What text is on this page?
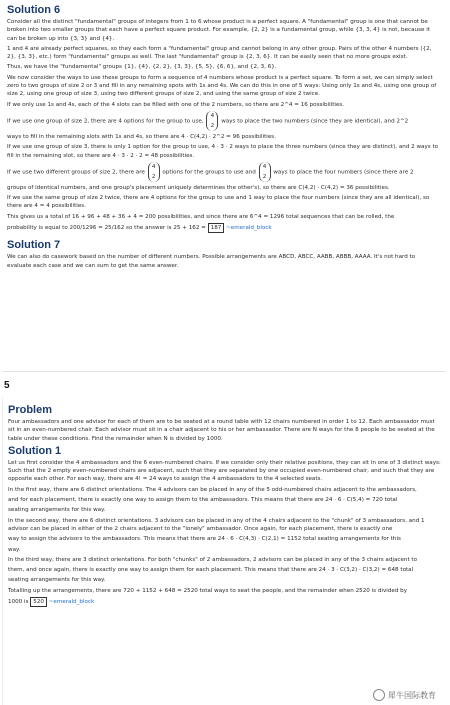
Solution 6

Consider all the distinct "fundamental" groups of integers from 1 to 6 whose product is a perfect square. A "fundamental" group is one that cannot be broken into two smaller groups that each have a perfect square product. For example, {2, 2} is a fundamental group, while {3, 3, 4} is not, because it can be broken up into {3, 3} and {4}.

1 and 4 are already perfect squares, so they each form a "fundamental" group and cannot belong in any other group. Pairs of the other 4 numbers ({2, 2}, {3, 3}, etc.) form "fundamental" groups as well. The last "fundamental" group is {2, 3, 6}. It can be easily seen that no more groups exist.

Thus, we have the "fundamental" groups {1}, {4}, {2, 2}, {3, 3}, {5, 5}, {6, 6}, and {2, 3, 6}.

We now consider the ways to use these groups to form a sequence of 4 numbers whose product is a perfect square. To form a set, we can simply select zero to two groups of size 2 or 3 and fill in any remaining spots with 1s and 4s. We can do this in one of 5 ways: Using only 1s and 4s, using one group of size 2, using one group of size 3, using two different groups of size 2, and using the same group of size 2 twice.

If we only use 1s and 4s, each of the 4 slots can be filled with one of the 2 numbers, so there are 2^4 = 16 possibilities.

If we use one group of size 2, there are 4 options for the group to use, 4
2 ways to place the two numbers (since they are identical), and 2^2

ways to fill in the remaining slots with 1s and 4s, so there are 4 · C(4,2) · 2^2 = 96 possibilities.

If we use one group of size 3, there is only 1 option for the group to use, 4 · 3 · 2 ways to place the three numbers (since they are distinct), and 2 ways to fill in the remaining slot, so there are 4 · 3 · 2 · 2 = 48 possibilities.

If we use two different groups of size 2, there are 4
2 options for the groups to use and 4
2 ways to place the four numbers (since there are 2

groups of identical numbers, and one group's placement uniquely determines the other's), so there are C(4,2) · C(4,2) = 36 possibilities.

If we use the same group of size 2 twice, there are 4 options for the group to use and 1 way to place the four numbers (since they are all identical), so there are 4 = 4 possibilities.

This gives us a total of 16 + 96 + 48 + 36 + 4 = 200 possibilities, and since there are 6^4 = 1296 total sequences that can be rolled, the

probability is equal to 200/1296 = 25/162 so the answer is 25 + 162 = 187 ~emerald_block

Solution 7

We can also do casework based on the number of different numbers. Possible arrangements are ABCD, ABCC, AABB, ABBB, AAAA. It's not hard to evaluate each case and we can sum to get the same answer.

5
Problem

Four ambassadors and one advisor for each of them are to be seated at a round table with 12 chairs numbered in order 1 to 12. Each ambassador must sit in an even-numbered chair. Each advisor must sit in a chair adjacent to his or her ambassador. There are N ways for the 8 people to be seated at the table under these conditions. Find the remainder when N is divided by 1000.

Solution 1

Let us first consider the 4 ambassadors and the 6 even-numbered chairs. If we consider only their relative positions, they can sit in one of 3 distinct ways: Such that the 2 empty even-numbered chairs are adjacent, such that they are separated by one occupied even-numbered chair, and such that they are opposite each other. For each way, there are 4! = 24 ways to assign the 4 ambassadors to the 4 selected seats.

In the first way, there are 6 distinct orientations. The 4 advisors can be placed in any of the 5 odd-numbered chairs adjacent to the ambassadors,

and for each placement, there is exactly one way to assign them to the ambassadors. This means that there are 24 · 6 · C(5,4) = 720 total

seating arrangements for this way.

In the second way, there are 6 distinct orientations. 3 advisors can be placed in any of the 4 chairs adjacent to the "chunk" of 3 ambassadors, and 1 advisor can be placed in either of the 2 chairs adjacent to the "lonely" ambassador. Once again, for each placement, there is exactly one

way to assign the advisors to the ambassadors. This means that there are 24 · 6 · C(4,3) · C(2,1) = 1152 total seating arrangements for this

way.

In the third way, there are 3 distinct orientations. For both "chunks" of 2 ambassadors, 2 advisors can be placed in any of the 3 chairs adjacent to

them, and once again, there is exactly one way to assign them for each placement. This means that there are 24 · 3 · C(3,2) · C(3,2) = 648 total

seating arrangements for this way.

Totalling up the arrangements, there are 720 + 1152 + 648 = 2520 total ways to seat the people, and the remainder when 2520 is divided by

1000 is 520 ~emerald_block

犀牛国际教育
